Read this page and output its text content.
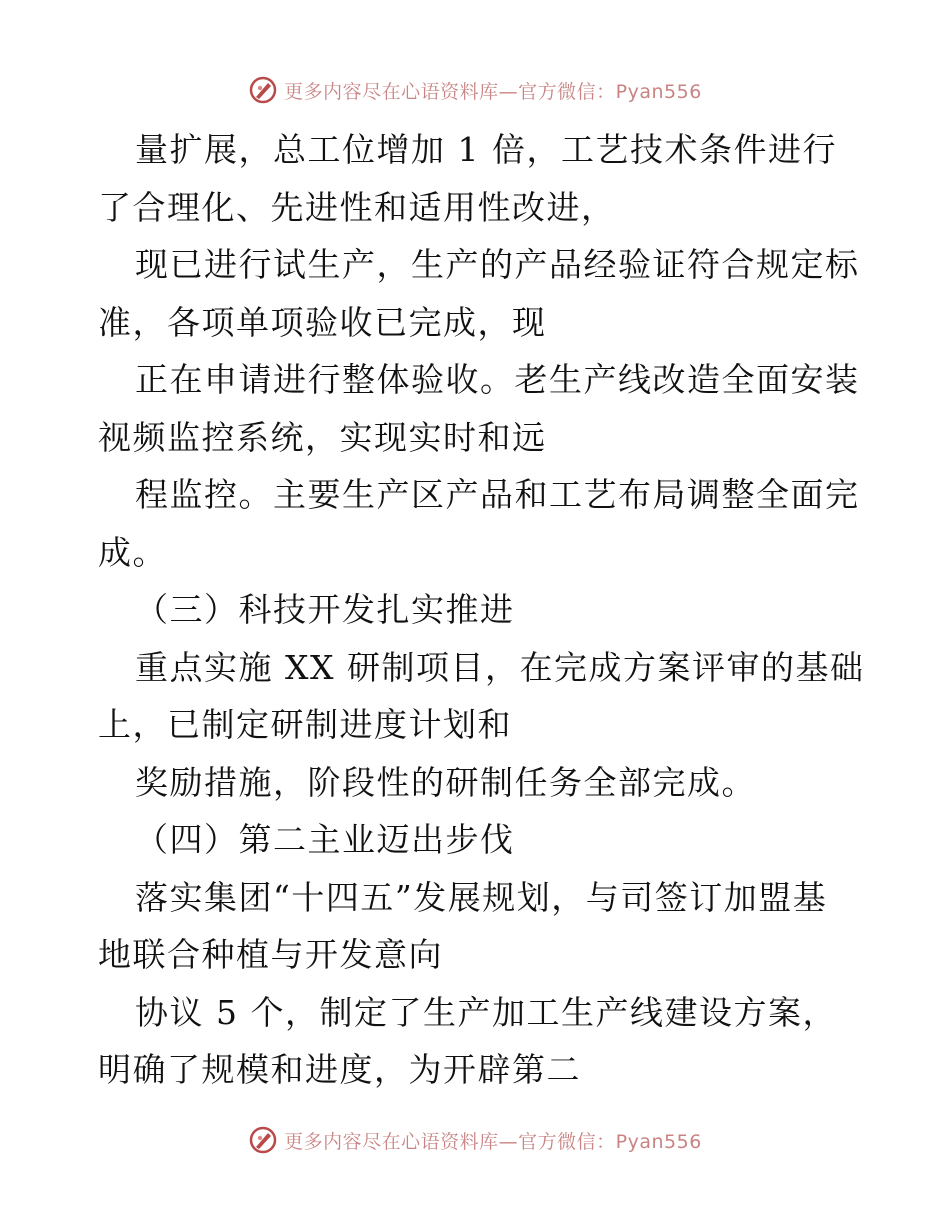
更多内容尽在心语资料库—官方微信：Pyan556
量扩展，总工位增加 1 倍，工艺技术条件进行
了合理化、先进性和适用性改进，
现已进行试生产，生产的产品经验证符合规定标
准，各项单项验收已完成，现
正在申请进行整体验收。老生产线改造全面安装
视频监控系统，实现实时和远
程监控。主要生产区产品和工艺布局调整全面完
成。
（三）科技开发扎实推进
重点实施 XX 研制项目，在完成方案评审的基础
上，已制定研制进度计划和
奖励措施，阶段性的研制任务全部完成。
（四）第二主业迈出步伐
落实集团“十四五”发展规划，与司签订加盟基
地联合种植与开发意向
协议 5 个，制定了生产加工生产线建设方案，
明确了规模和进度，为开辟第二
更多内容尽在心语资料库—官方微信：Pyan556
